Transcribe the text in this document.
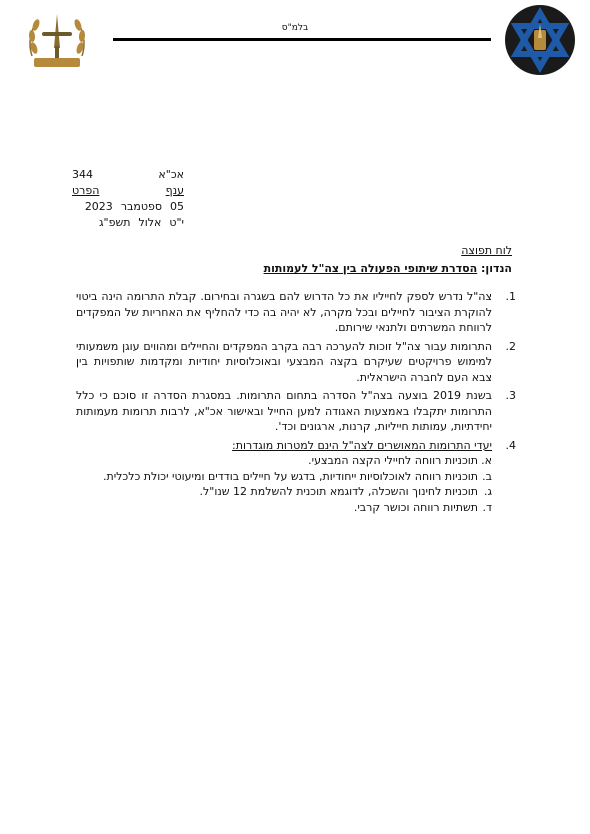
בלמ"ס
אכ"א
344
ענף
הפרט
05
ספטמבר
2023
י"ט
אלול
תשפ"ג
לוח תפוצה
הנדון: הסדרת שיתופי הפעולה בין צה"ל לעמותות
1.
צה"ל נדרש לספק לחייליו את כל הדרוש להם בשגרה ובחירום. קבלת התרומה הינה ביטוי להוקרת הציבור לחיילים ובכל מקרה, לא יהיה בה כדי להחליף את האחריות של המפקדים לרווחת המשרתים ולתנאי שירותם.
2.
התרומות עבור צה"ל זוכות להערכה רבה בקרב המפקדים והחיילים ומהווים עוגן משמעותי למימוש פרויקטים שעיקרם בקצה המבצעי ובאוכלוסיות יחודיות ומקדמות שותפויות בין צבא העם לחברה הישראלית.
3.
בשנת 2019 בוצעה בצה"ל הסדרה בתחום התרומות. במסגרת הסדרה זו סוכם כי כלל התרומות יתקבלו באמצעות האגודה למען החייל ובאישור אכ"א, לרבות תרומות מעמותות יחידתיות, עמותות חייליות, קרנות, ארגונים וכד'.
4.
יעדי התרומות המאושרים לצה"ל הינם למטרות מוגדרות:
א.
תוכניות רווחה לחיילי הקצה המבצעי.
ב.
תוכניות רווחה לאוכלוסיות ייחודיות, בדגש על חיילים בודדים ומיעוטי יכולת כלכלית.
ג.
תוכניות לחינוך והשכלה, לדוגמא תוכנית להשלמת 12 שנו"ל.
ד.
תשתיות רווחה וכושר קרבי.
